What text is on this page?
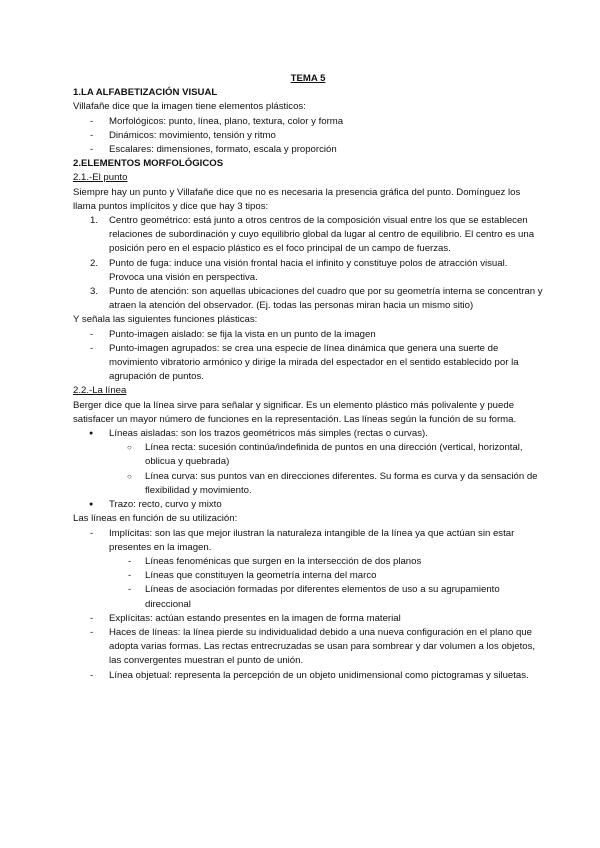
TEMA 5
1.LA ALFABETIZACIÓN VISUAL
Villafañe dice que la imagen tiene elementos plásticos:
- Morfológicos: punto, línea, plano, textura, color y forma
- Dinámicos: movimiento, tensión y ritmo
- Escalares: dimensiones, formato, escala y proporción
2.ELEMENTOS MORFOLÓGICOS
2.1.-El punto
Siempre hay un punto y Villafañe dice que no es necesaria la presencia gráfica del punto. Domínguez los llama puntos implícitos y dice que hay 3 tipos:
1. Centro geométrico: está junto a otros centros de la composición visual entre los que se establecen relaciones de subordinación y cuyo equilibrio global da lugar al centro de equilibrio. El centro es una posición pero en el espacio plástico es el foco principal de un campo de fuerzas.
2. Punto de fuga: induce una visión frontal hacia el infinito y constituye polos de atracción visual. Provoca una visión en perspectiva.
3. Punto de atención: son aquellas ubicaciones del cuadro que por su geometría interna se concentran y atraen la atención del observador. (Ej. todas las personas miran hacia un mismo sitio)
Y señala las siguientes funciones plásticas:
- Punto-imagen aislado: se fija la vista en un punto de la imagen
- Punto-imagen agrupados: se crea una especie de línea dinámica que genera una suerte de movimiento vibratorio armónico y dirige la mirada del espectador en el sentido establecido por la agrupación de puntos.
2.2.-La línea
Berger dice que la línea sirve para señalar y significar. Es un elemento plástico más polivalente y puede satisfacer un mayor número de funciones en la representación. Las líneas según la función de su forma.
● Líneas aisladas: son los trazos geométricos más simples (rectas o curvas).
○ Línea recta: sucesión continúa/indefinida de puntos en una dirección (vertical, horizontal, oblicua y quebrada)
○ Línea curva: sus puntos van en direcciones diferentes. Su forma es curva y da sensación de flexibilidad y movimiento.
● Trazo: recto, curvo y mixto
Las líneas en función de su utilización:
- Implícitas: son las que mejor ilustran la naturaleza intangible de la línea ya que actúan sin estar presentes en la imagen.
- Líneas fenoménicas que surgen en la intersección de dos planos
- Líneas que constituyen la geometría interna del marco
- Líneas de asociación formadas por diferentes elementos de uso a su agrupamiento direccional
- Explícitas: actúan estando presentes en la imagen de forma material
- Haces de líneas: la línea pierde su individualidad debido a una nueva configuración en el plano que adopta varias formas. Las rectas entrecruzadas se usan para sombrear y dar volumen a los objetos, las convergentes muestran el punto de unión.
- Línea objetual: representa la percepción de un objeto unidimensional como pictogramas y siluetas.
